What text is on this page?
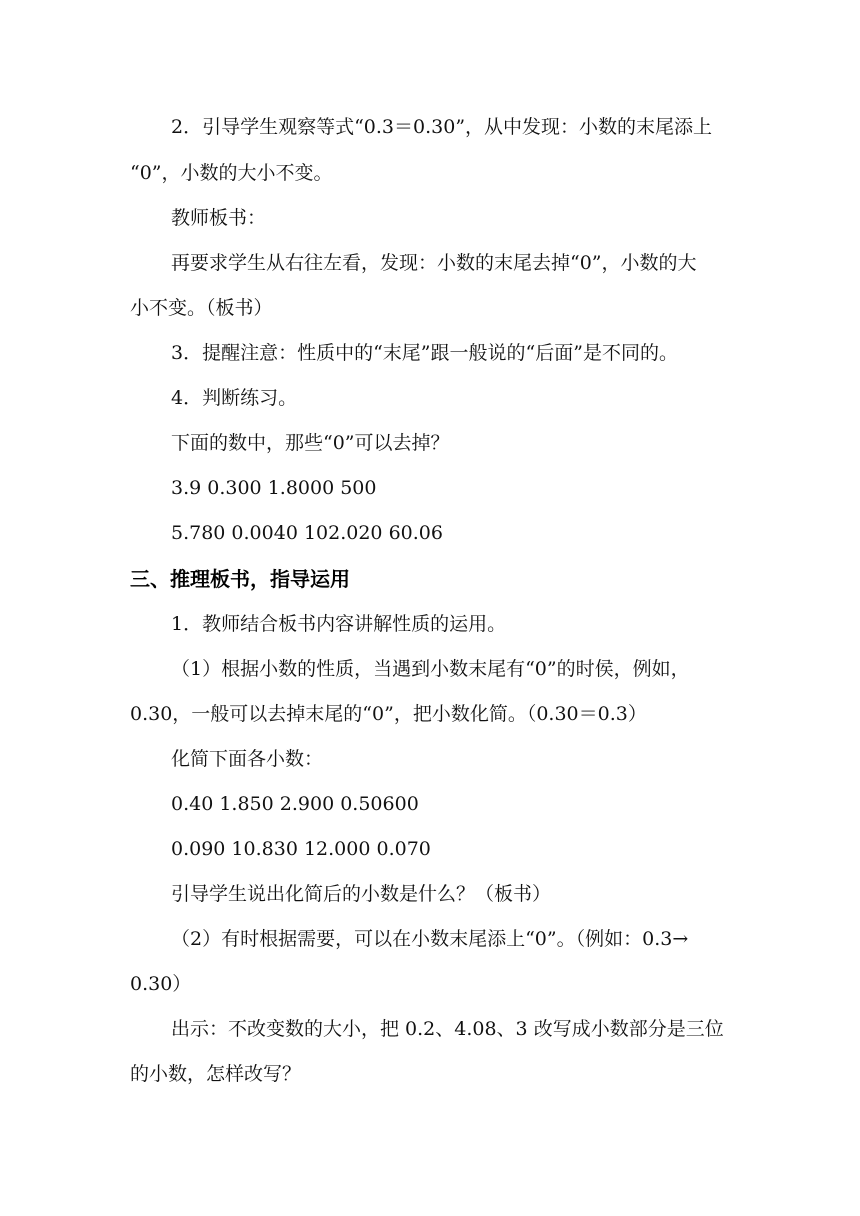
2．引导学生观察等式“0.3＝0.30”，从中发现：小数的末尾添上
“0”，小数的大小不变。
教师板书：
再要求学生从右往左看，发现：小数的末尾去掉“0”，小数的大
小不变。（板书）
3．提醒注意：性质中的“末尾”跟一般说的“后面”是不同的。
4．判断练习。
下面的数中，那些“0”可以去掉？
3.9 0.300 1.8000 500
5.780 0.0040 102.020 60.06
三、推理板书，指导运用
1．教师结合板书内容讲解性质的运用。
（1）根据小数的性质，当遇到小数末尾有“0”的时侯，例如，
0.30，一般可以去掉末尾的“0”，把小数化简。（0.30＝0.3）
化简下面各小数：
0.40 1.850 2.900 0.50600
0.090 10.830 12.000 0.070
引导学生说出化简后的小数是什么？（板书）
（2）有时根据需要，可以在小数末尾添上“0”。（例如：0.3→
0.30）
出示：不改变数的大小，把 0.2、4.08、3 改写成小数部分是三位
的小数，怎样改写？
